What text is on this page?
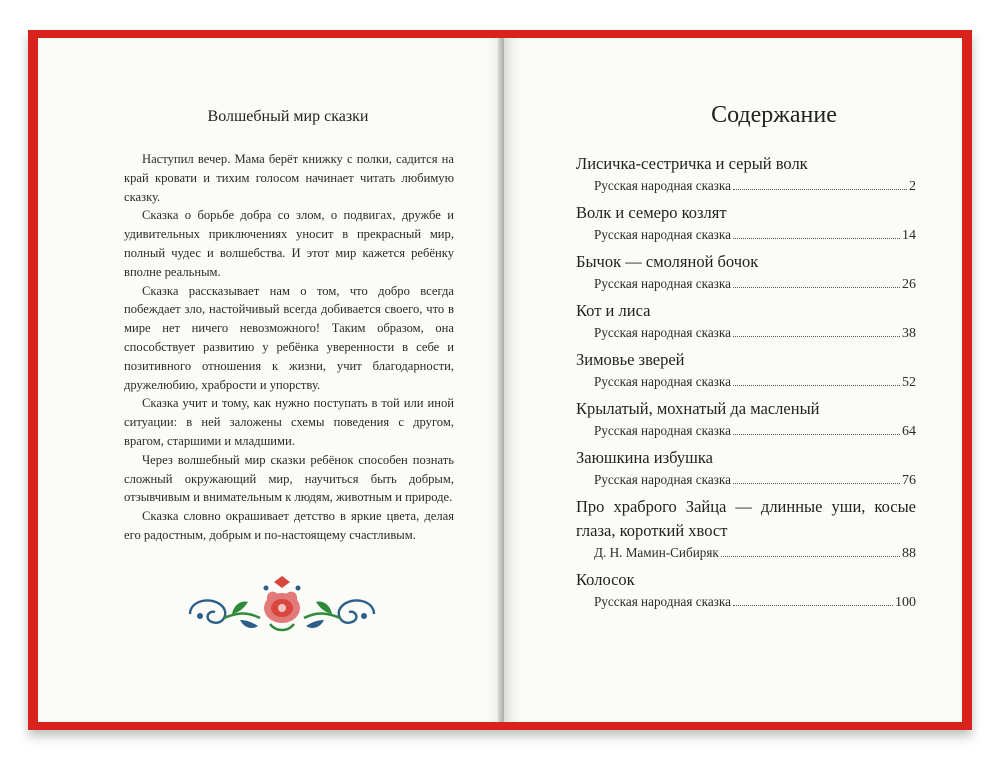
Волшебный мир сказки

Наступил вечер. Мама берёт книжку с полки, садится на край кровати и тихим голосом начинает читать любимую сказку.

Сказка о борьбе добра со злом, о подвигах, дружбе и удивительных приключениях уносит в прекрасный мир, полный чудес и волшебства. И этот мир кажется ребёнку вполне реальным.

Сказка рассказывает нам о том, что добро всегда побеждает зло, настойчивый всегда добивается своего, что в мире нет ничего невозможного! Таким образом, она способствует развитию у ребёнка уверенности в себе и позитивного отношения к жизни, учит благодарности, дружелюбию, храбрости и упорству.

Сказка учит и тому, как нужно поступать в той или иной ситуации: в ней заложены схемы поведения с другом, врагом, старшими и младшими.

Через волшебный мир сказки ребёнок способен познать сложный окружающий мир, научиться быть добрым, отзывчивым и внимательным к людям, животным и природе.

Сказка словно окрашивает детство в яркие цвета, делая его радостным, добрым и по-настоящему счастливым.

Содержание
Лисичка-сестричка и серый волк
Русская народная сказка	2
Волк и семеро козлят
Русская народная сказка	14
Бычок — смоляной бочок
Русская народная сказка	26
Кот и лиса
Русская народная сказка	38
Зимовье зверей
Русская народная сказка	52
Крылатый, мохнатый да масленый
Русская народная сказка	64
Заюшкина избушка
Русская народная сказка	76
Про храброго Зайца — длинные уши, косые глаза, короткий хвост
Д. Н. Мамин-Сибиряк	88
Колосок
Русская народная сказка	100
